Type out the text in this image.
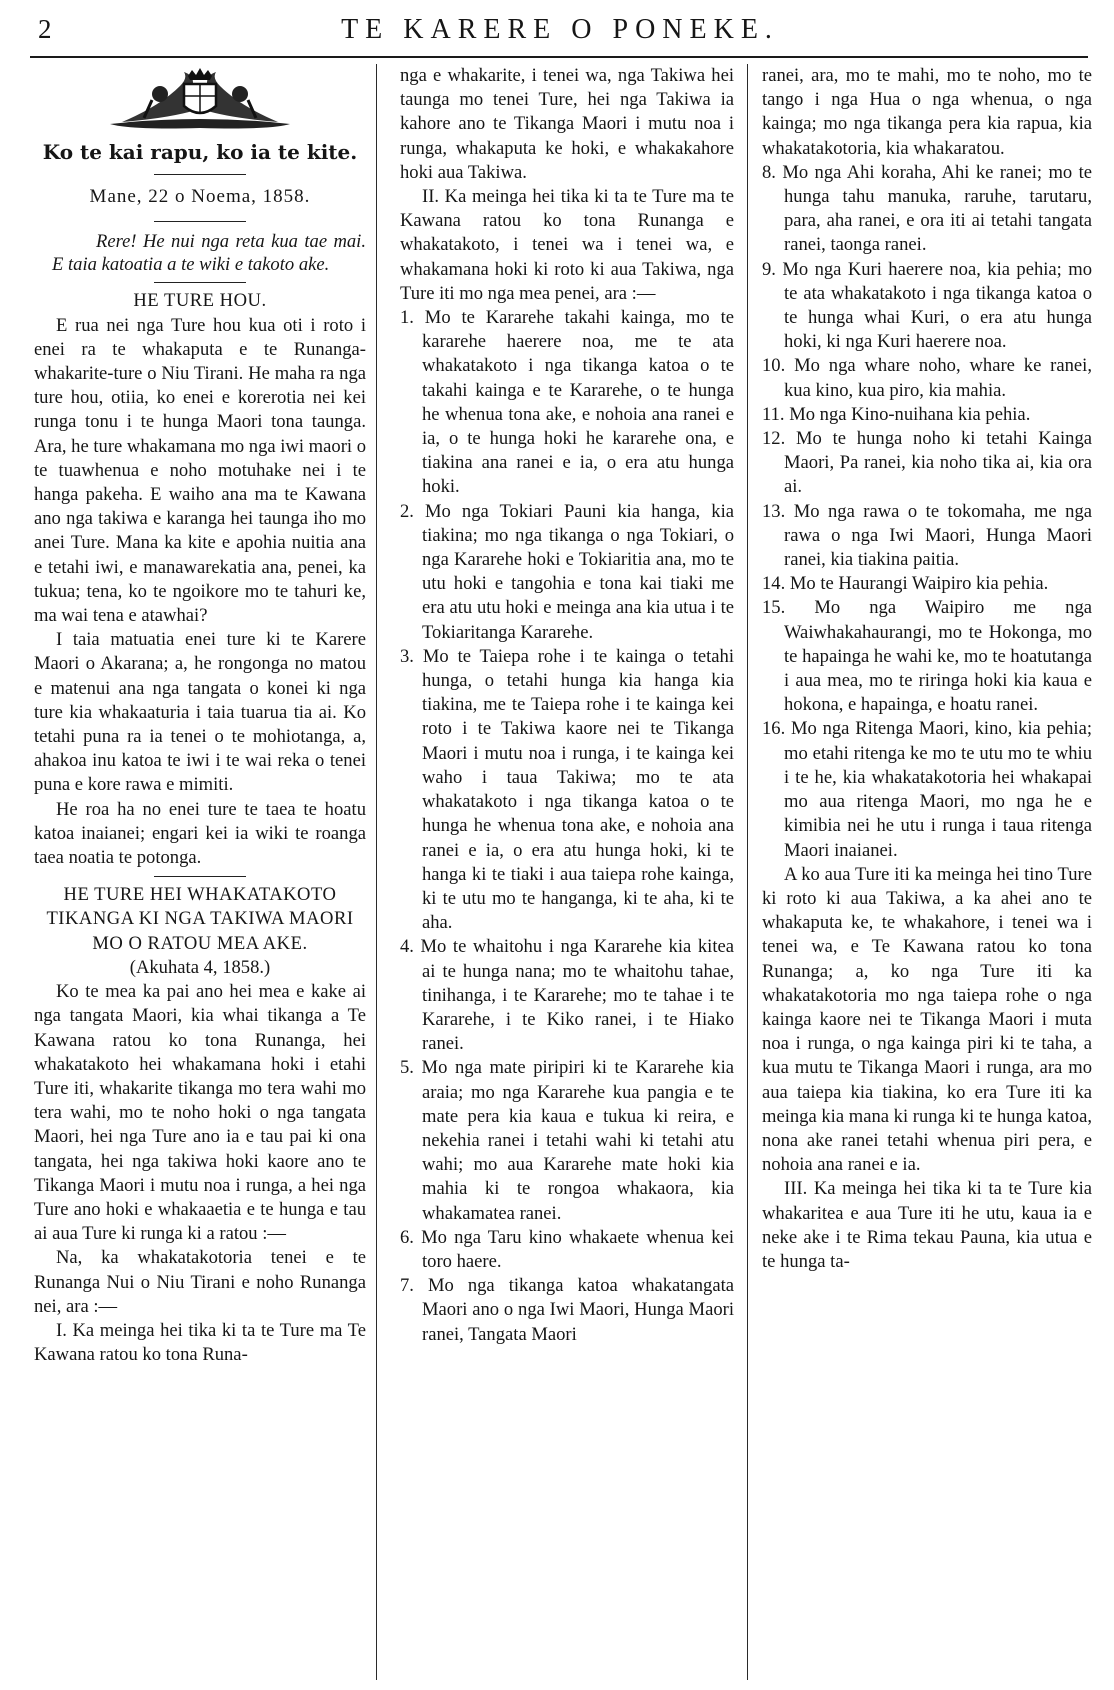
2	TE KARERE O PONEKE.

Ko te kai rapu, ko ia te kite.

Mane, 22 o Noema, 1858.

Rere! He nui nga reta kua tae mai. E taia katoatia a te wiki e takoto ake.

HE TURE HOU.

E rua nei nga Ture hou kua oti i roto i enei ra te whakaputa e te Runanga-whakarite-ture o Niu Tirani. He maha ra nga ture hou, otiia, ko enei e korerotia nei kei runga tonu i te hunga Maori tona taunga. Ara, he ture whakamana mo nga iwi maori o te tuawhenua e noho motuhake nei i te hanga pakeha. E waiho ana ma te Kawana ano nga takiwa e karanga hei taunga iho mo anei Ture. Mana ka kite e apohia nuitia ana e tetahi iwi, e manawarekatia ana, penei, ka tukua; tena, ko te ngoikore mo te tahuri ke, ma wai tena e atawhai?

I taia matuatia enei ture ki te Karere Maori o Akarana; a, he rongonga no matou e matenui ana nga tangata o konei ki nga ture kia whakaaturia i taia tuarua tia ai. Ko tetahi puna ra ia tenei o te mohiotanga, a, ahakoa inu katoa te iwi i te wai reka o tenei puna e kore rawa e mimiti.

He roa ha no enei ture te taea te hoatu katoa inaianei; engari kei ia wiki te roanga taea noatia te potonga.

HE TURE HEI WHAKATAKOTO TIKANGA KI NGA TAKIWA MAORI MO O RATOU MEA AKE.

(Akuhata 4, 1858.)

Ko te mea ka pai ano hei mea e kake ai nga tangata Maori, kia whai tikanga a Te Kawana ratou ko tona Runanga, hei whakatakoto hei whakamana hoki i etahi Ture iti, whakarite tikanga mo tera wahi mo tera wahi, mo te noho hoki o nga tangata Maori, hei nga Ture ano ia e tau pai ki ona tangata, hei nga takiwa hoki kaore ano te Tikanga Maori i mutu noa i runga, a hei nga Ture ano hoki e whakaaetia e te hunga e tau ai aua Ture ki runga ki a ratou :—

Na, ka whakatakotoria tenei e te Runanga Nui o Niu Tirani e noho Runanga nei, ara :—

I. Ka meinga hei tika ki ta te Ture ma Te Kawana ratou ko tona Runa-

nga e whakarite, i tenei wa, nga Takiwa hei taunga mo tenei Ture, hei nga Takiwa ia kahore ano te Tikanga Maori i mutu noa i runga, whakaputa ke hoki, e whakakahore hoki aua Takiwa.

II. Ka meinga hei tika ki ta te Ture ma te Kawana ratou ko tona Runanga e whakatakoto, i tenei wa i tenei wa, e whakamana hoki ki roto ki aua Takiwa, nga Ture iti mo nga mea penei, ara :—

1. Mo te Kararehe takahi kainga, mo te kararehe haerere noa, me te ata whakatakoto i nga tikanga katoa o te takahi kainga e te Kararehe, o te hunga he whenua tona ake, e nohoia ana ranei e ia, o te hunga hoki he kararehe ona, e tiakina ana ranei e ia, o era atu hunga hoki.

2. Mo nga Tokiari Pauni kia hanga, kia tiakina; mo nga tikanga o nga Tokiari, o nga Kararehe hoki e Tokiaritia ana, mo te utu hoki e tangohia e tona kai tiaki me era atu utu hoki e meinga ana kia utua i te Tokiaritanga Kararehe.

3. Mo te Taiepa rohe i te kainga o tetahi hunga, o tetahi hunga kia hanga kia tiakina, me te Taiepa rohe i te kainga kei roto i te Takiwa kaore nei te Tikanga Maori i mutu noa i runga, i te kainga kei waho i taua Takiwa; mo te ata whakatakoto i nga tikanga katoa o te hunga he whenua tona ake, e nohoia ana ranei e ia, o era atu hunga hoki, ki te hanga ki te tiaki i aua taiepa rohe kainga, ki te utu mo te hanganga, ki te aha, ki te aha.

4. Mo te whaitohu i nga Kararehe kia kitea ai te hunga nana; mo te whaitohu tahae, tinihanga, i te Kararehe; mo te tahae i te Kararehe, i te Kiko ranei, i te Hiako ranei.

5. Mo nga mate piripiri ki te Kararehe kia araia; mo nga Kararehe kua pangia e te mate pera kia kaua e tukua ki reira, e nekehia ranei i tetahi wahi ki tetahi atu wahi; mo aua Kararehe mate hoki kia mahia ki te rongoa whakaora, kia whakamatea ranei.

6. Mo nga Taru kino whakaete whenua kei toro haere.

7. Mo nga tikanga katoa whakatangata Maori ano o nga Iwi Maori, Hunga Maori ranei, Tangata Maori

ranei, ara, mo te mahi, mo te noho, mo te tango i nga Hua o nga whenua, o nga kainga; mo nga tikanga pera kia rapua, kia whakatakotoria, kia whakaratou.

8. Mo nga Ahi koraha, Ahi ke ranei; mo te hunga tahu manuka, raruhe, tarutaru, para, aha ranei, e ora iti ai tetahi tangata ranei, taonga ranei.

9. Mo nga Kuri haerere noa, kia pehia; mo te ata whakatakoto i nga tikanga katoa o te hunga whai Kuri, o era atu hunga hoki, ki nga Kuri haerere noa.

10. Mo nga whare noho, whare ke ranei, kua kino, kua piro, kia mahia.

11. Mo nga Kino-nuihana kia pehia.

12. Mo te hunga noho ki tetahi Kainga Maori, Pa ranei, kia noho tika ai, kia ora ai.

13. Mo nga rawa o te tokomaha, me nga rawa o nga Iwi Maori, Hunga Maori ranei, kia tiakina paitia.

14. Mo te Haurangi Waipiro kia pehia.

15. Mo nga Waipiro me nga Waiwhakahaurangi, mo te Hokonga, mo te hapainga he wahi ke, mo te hoatutanga i aua mea, mo te riringa hoki kia kaua e hokona, e hapainga, e hoatu ranei.

16. Mo nga Ritenga Maori, kino, kia pehia; mo etahi ritenga ke mo te utu mo te whiu i te he, kia whakatakotoria hei whakapai mo aua ritenga Maori, mo nga he e kimibia nei he utu i runga i taua ritenga Maori inaianei.

A ko aua Ture iti ka meinga hei tino Ture ki roto ki aua Takiwa, a ka ahei ano te whakaputa ke, te whakahore, i tenei wa i tenei wa, e Te Kawana ratou ko tona Runanga; a, ko nga Ture iti ka whakatakotoria mo nga taiepa rohe o nga kainga kaore nei te Tikanga Maori i muta noa i runga, o nga kainga piri ki te taha, a kua mutu te Tikanga Maori i runga, ara mo aua taiepa kia tiakina, ko era Ture iti ka meinga kia mana ki runga ki te hunga katoa, nona ake ranei tetahi whenua piri pera, e nohoia ana ranei e ia.

III. Ka meinga hei tika ki ta te Ture kia whakaritea e aua Ture iti he utu, kaua ia e neke ake i te Rima tekau Pauna, kia utua e te hunga ta-
